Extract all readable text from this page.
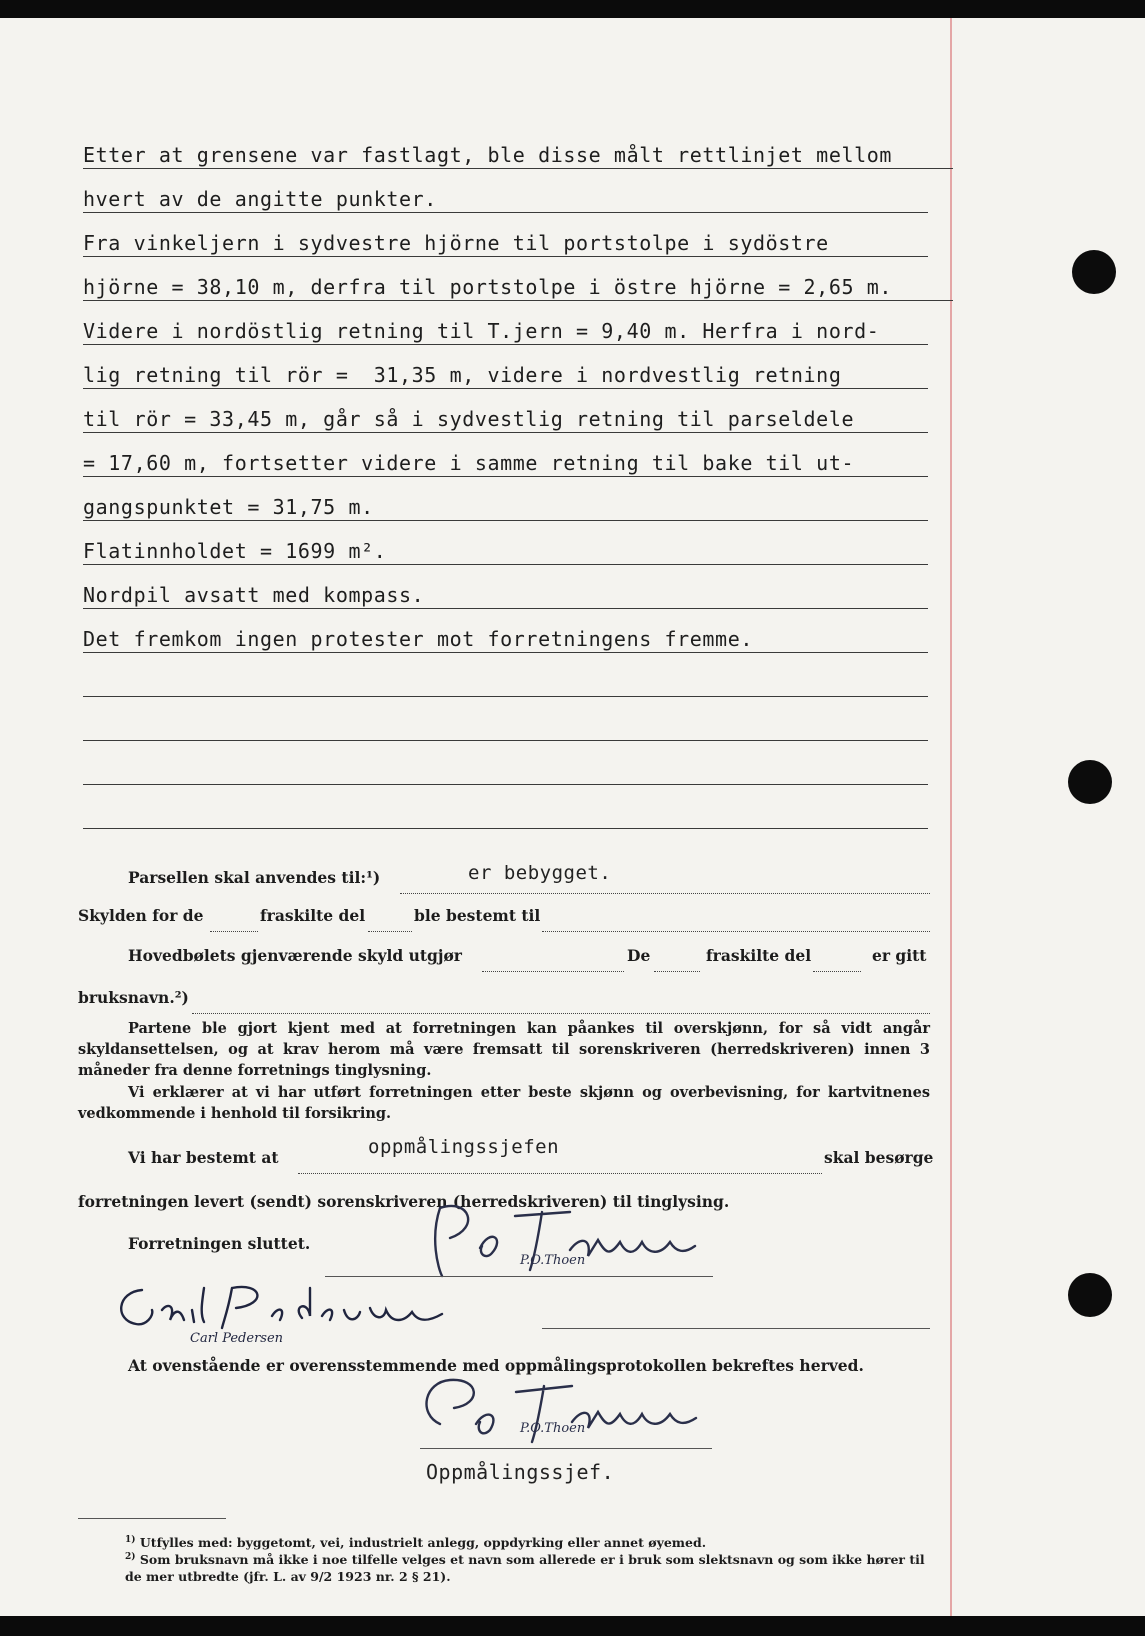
Etter at grensene var fastlagt, ble disse målt rettlinjet mellom
hvert av de angitte punkter.
Fra vinkeljern i sydvestre hjörne til portstolpe i sydöstre
hjörne = 38,10 m, derfra til portstolpe i östre hjörne = 2,65 m.
Videre i nordöstlig retning til T.jern = 9,40 m. Herfra i nord-
lig retning til rör =  31,35 m, videre i nordvestlig retning
til rör = 33,45 m, går så i sydvestlig retning til parseldele
= 17,60 m, fortsetter videre i samme retning til bake til ut-
gangspunktet = 31,75 m.
Flatinnholdet = 1699 m².
Nordpil avsatt med kompass.
Det fremkom ingen protester mot forretningens fremme.
Parsellen skal anvendes til:¹)	er bebygget.
Skylden for de	fraskilte del	ble bestemt til
Hovedbølets gjenværende skyld utgjør	De	fraskilte del	er gitt
bruksnavn.²)
Partene ble gjort kjent med at forretningen kan påankes til overskjønn, for så vidt angår skyldansettelsen, og at krav herom må være fremsatt til sorenskriveren (herredskriveren) innen 3 måneder fra denne forretnings tinglysning.
Vi erklærer at vi har utført forretningen etter beste skjønn og overbevisning, for kartvitnenes vedkommende i henhold til forsikring.
Vi har bestemt at	oppmålingssjefen	skal besørge
forretningen levert (sendt) sorenskriveren (herredskriveren) til tinglysing.
Forretningen sluttet.
P.O.Thoen
Carl Pedersen
At ovenstående er overensstemmende med oppmålingsprotokollen bekreftes herved.
P.O.Thoen
Oppmålingssjef.
$^{1)}$ Utfylles med: byggetomt, vei, industrielt anlegg, oppdyrking eller annet øyemed.
$^{2)}$ Som bruksnavn må ikke i noe tilfelle velges et navn som allerede er i bruk som slektsnavn og som ikke hører til de mer utbredte (jfr. L. av 9/2 1923 nr. 2 § 21).
